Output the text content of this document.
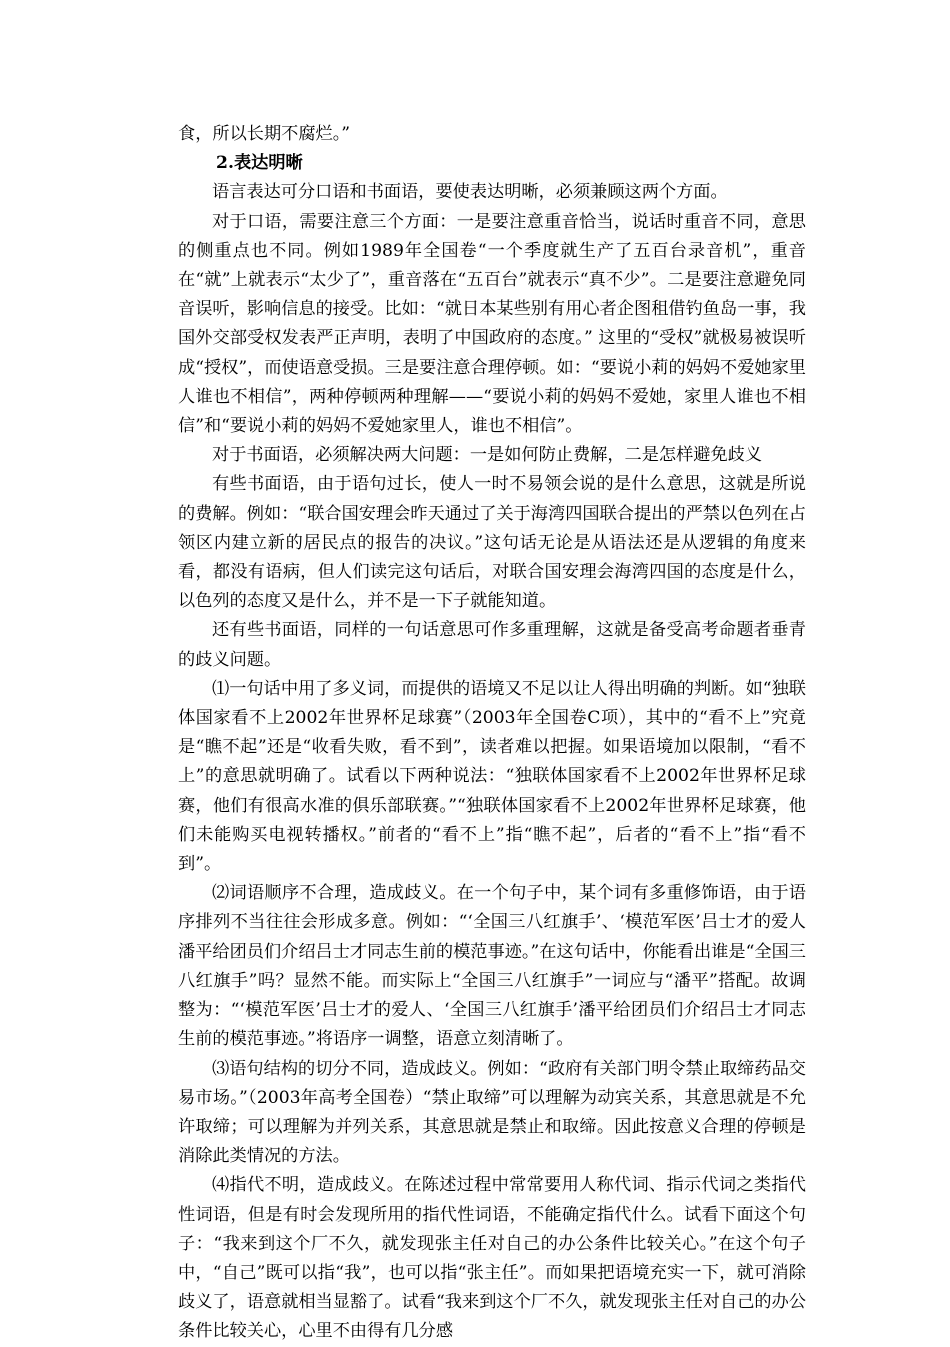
食，所以长期不腐烂。”

2.表达明晰

语言表达可分口语和书面语，要使表达明晰，必须兼顾这两个方面。

对于口语，需要注意三个方面：一是要注意重音恰当，说话时重音不同，意思的侧重点也不同。例如1989年全国卷“一个季度就生产了五百台录音机”，重音在“就”上就表示“太少了”，重音落在“五百台”就表示“真不少”。二是要注意避免同音误听，影响信息的接受。比如：“就日本某些别有用心者企图租借钓鱼岛一事，我国外交部受权发表严正声明，表明了中国政府的态度。” 这里的“受权”就极易被误听成“授权”，而使语意受损。三是要注意合理停顿。如：“要说小莉的妈妈不爱她家里人谁也不相信”，两种停顿两种理解——“要说小莉的妈妈不爱她，家里人谁也不相信”和“要说小莉的妈妈不爱她家里人，谁也不相信”。

对于书面语，必须解决两大问题：一是如何防止费解，二是怎样避免歧义

有些书面语，由于语句过长，使人一时不易领会说的是什么意思，这就是所说的费解。例如：“联合国安理会昨天通过了关于海湾四国联合提出的严禁以色列在占领区内建立新的居民点的报告的决议。”这句话无论是从语法还是从逻辑的角度来看，都没有语病，但人们读完这句话后，对联合国安理会海湾四国的态度是什么，以色列的态度又是什么，并不是一下子就能知道。

还有些书面语，同样的一句话意思可作多重理解，这就是备受高考命题者垂青的歧义问题。

⑴一句话中用了多义词，而提供的语境又不足以让人得出明确的判断。如“独联体国家看不上2002年世界杯足球赛”（2003年全国卷C项），其中的“看不上”究竟是“瞧不起”还是“收看失败，看不到”，读者难以把握。如果语境加以限制，“看不上”的意思就明确了。试看以下两种说法：“独联体国家看不上2002年世界杯足球赛，他们有很高水准的俱乐部联赛。”“独联体国家看不上2002年世界杯足球赛，他们未能购买电视转播权。”前者的“看不上”指“瞧不起”，后者的“看不上”指“看不到”。

⑵词语顺序不合理，造成歧义。在一个句子中，某个词有多重修饰语，由于语序排列不当往往会形成多意。例如：“‘全国三八红旗手’、‘模范军医’吕士才的爱人潘平给团员们介绍吕士才同志生前的模范事迹。”在这句话中，你能看出谁是“全国三八红旗手”吗？显然不能。而实际上“全国三八红旗手”一词应与“潘平”搭配。故调整为：“‘模范军医’吕士才的爱人、‘全国三八红旗手’潘平给团员们介绍吕士才同志生前的模范事迹。”将语序一调整，语意立刻清晰了。

⑶语句结构的切分不同，造成歧义。例如：“政府有关部门明令禁止取缔药品交易市场。”（2003年高考全国卷）“禁止取缔”可以理解为动宾关系，其意思就是不允许取缔；可以理解为并列关系，其意思就是禁止和取缔。因此按意义合理的停顿是消除此类情况的方法。

⑷指代不明，造成歧义。在陈述过程中常常要用人称代词、指示代词之类指代性词语，但是有时会发现所用的指代性词语，不能确定指代什么。试看下面这个句子：“我来到这个厂不久，就发现张主任对自己的办公条件比较关心。”在这个句子中，“自己”既可以指“我”，也可以指“张主任”。而如果把语境充实一下，就可消除歧义了，语意就相当显豁了。试看“我来到这个厂不久，就发现张主任对自己的办公条件比较关心，心里不由得有几分感
